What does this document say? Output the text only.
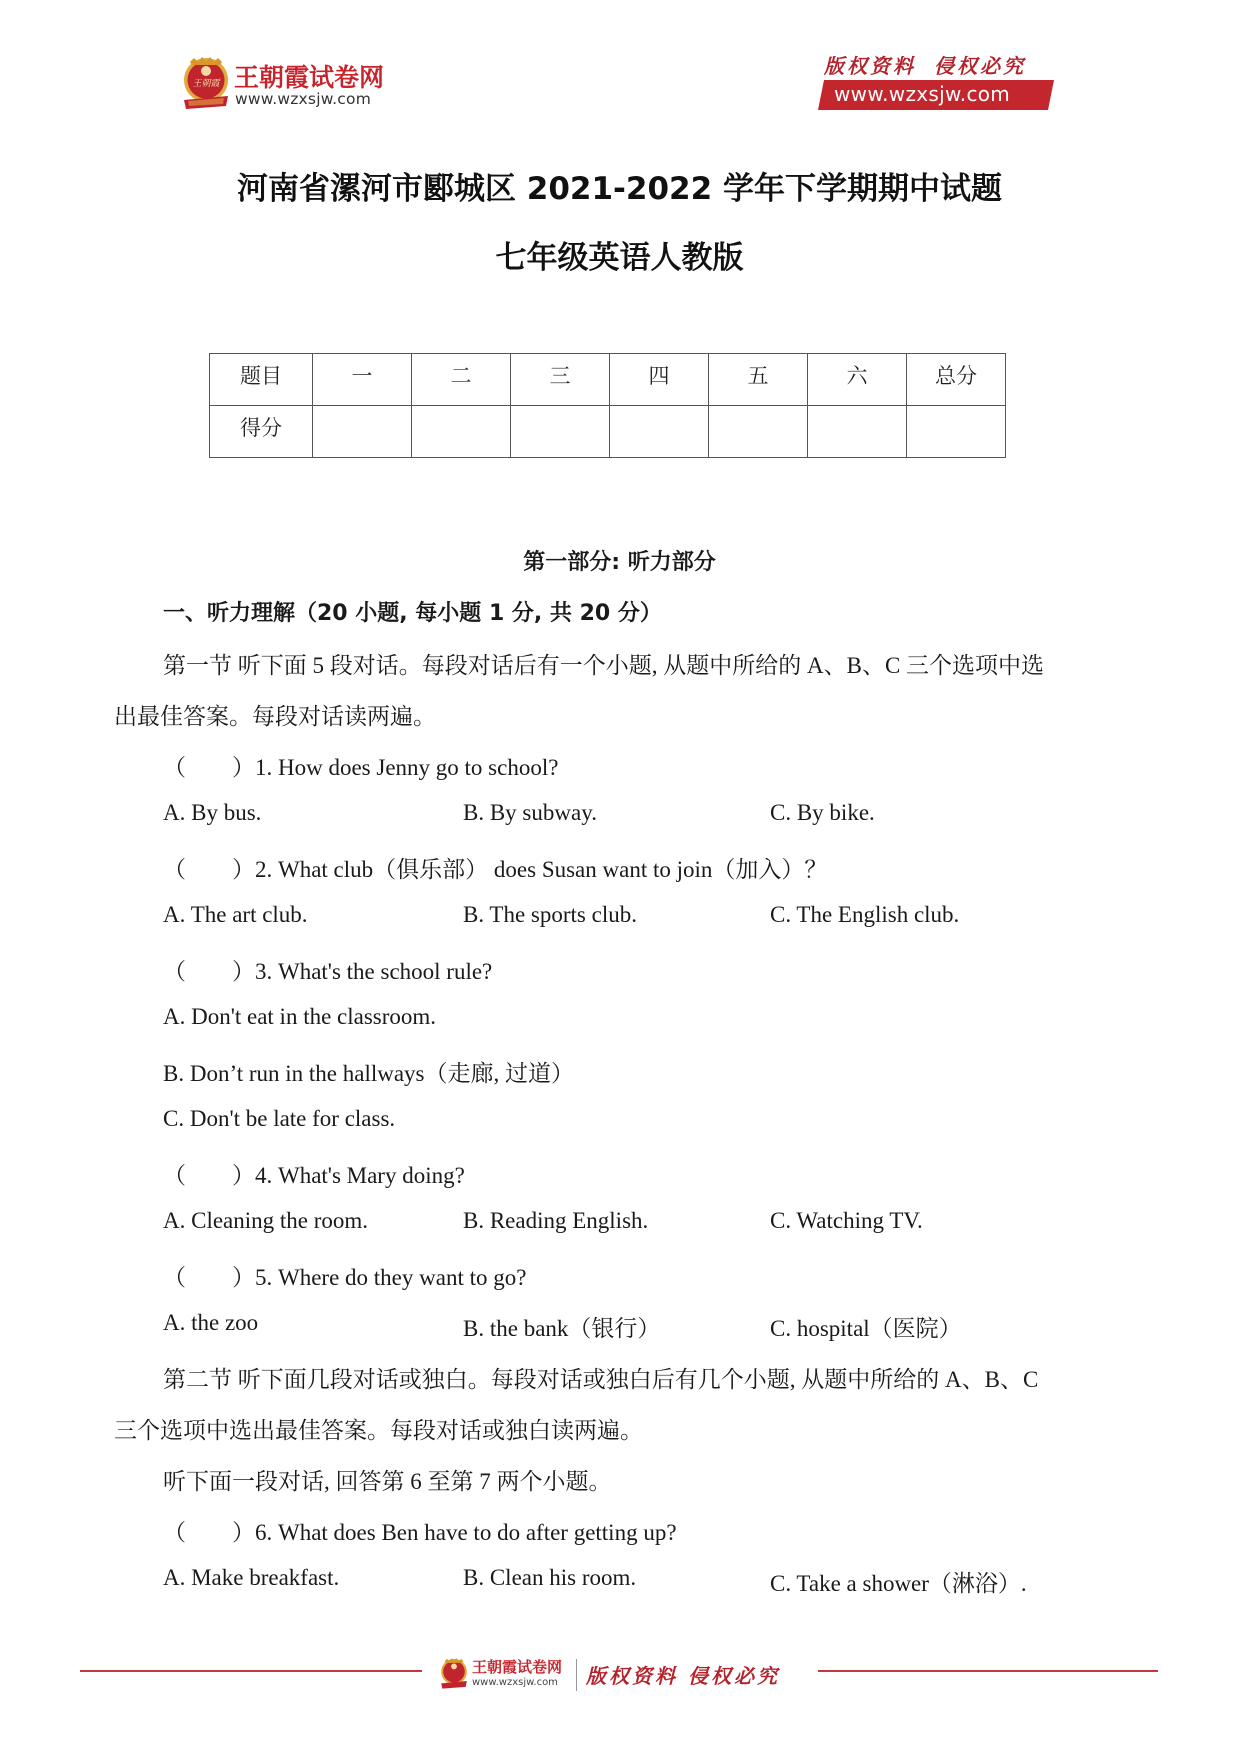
王朝霞 王朝霞试卷网
www.wzxsjw.com
版权资料 侵权必究
www.wzxsjw.com
河南省漯河市郾城区 2021-2022 学年下学期期中试题
七年级英语人教版
题目	一	二	三	四	五	六	总分
得分							
第一部分: 听力部分
一、听力理解（20 小题, 每小题 1 分, 共 20 分）
第一节 听下面 5 段对话。每段对话后有一个小题, 从题中所给的 A、B、C 三个选项中选
出最佳答案。每段对话读两遍。
（　　）1. How does Jenny go to school?
A. By bus.	B. By subway.	C. By bike.
（　　）2. What club（俱乐部） does Susan want to join（加入）？
A. The art club.	B. The sports club.	C. The English club.
（　　）3. What's the school rule?
A. Don't eat in the classroom.
B. Don’t run in the hallways（走廊, 过道）
C. Don't be late for class.
（　　）4. What's Mary doing?
A. Cleaning the room.	B. Reading English.	C. Watching TV.
（　　）5. Where do they want to go?
A. the zoo	B. the bank（银行）	C. hospital（医院）
第二节 听下面几段对话或独白。每段对话或独白后有几个小题, 从题中所给的 A、B、C
三个选项中选出最佳答案。每段对话或独白读两遍。
听下面一段对话, 回答第 6 至第 7 两个小题。
（　　）6. What does Ben have to do after getting up?
A. Make breakfast.	B. Clean his room.	C. Take a shower（淋浴）.
王朝霞试卷网
www.wzxsjw.com 版权资料 侵权必究
